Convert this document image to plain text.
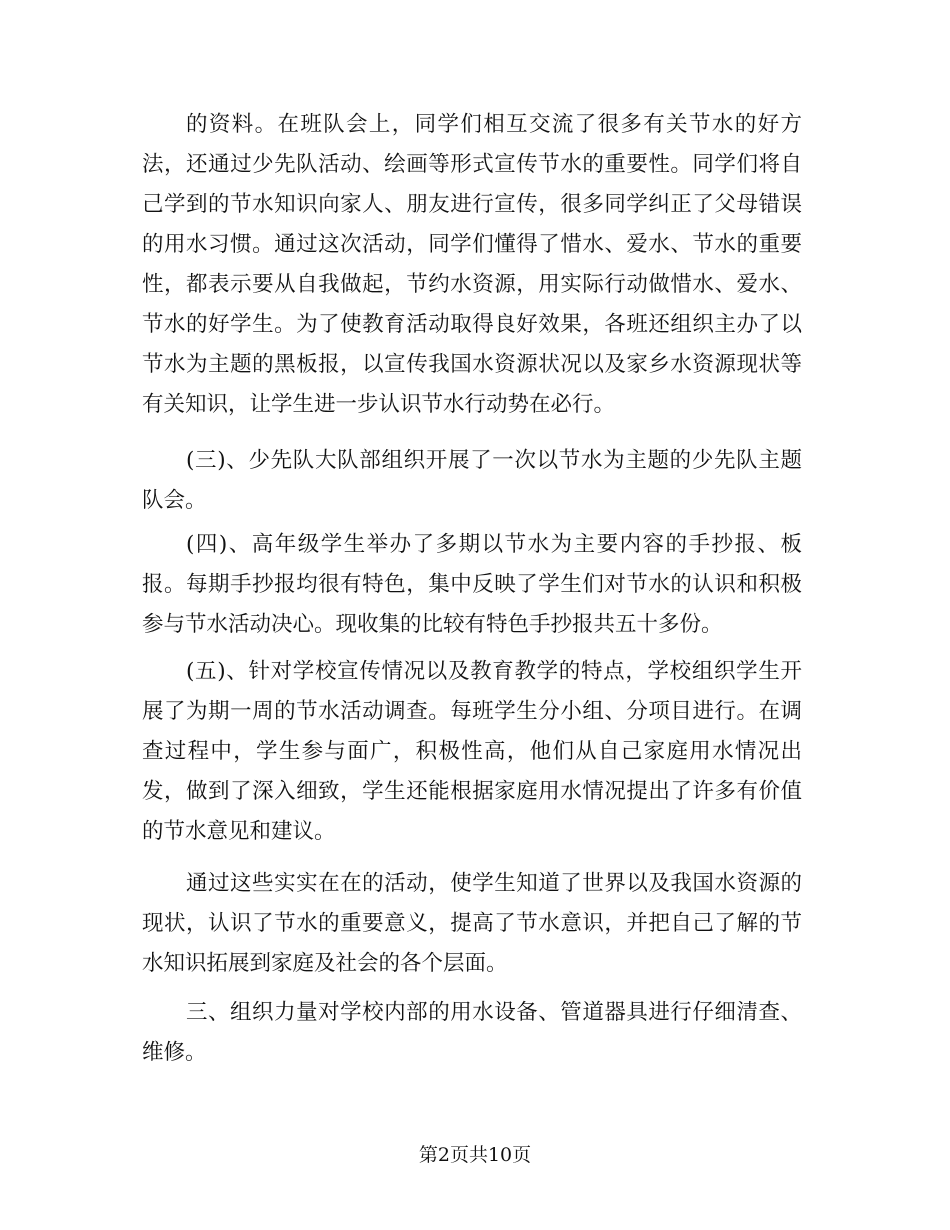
的资料。在班队会上，同学们相互交流了很多有关节水的好方
法，还通过少先队活动、绘画等形式宣传节水的重要性。同学们将自
己学到的节水知识向家人、朋友进行宣传，很多同学纠正了父母错误
的用水习惯。通过这次活动，同学们懂得了惜水、爱水、节水的重要
性，都表示要从自我做起，节约水资源，用实际行动做惜水、爱水、
节水的好学生。为了使教育活动取得良好效果，各班还组织主办了以
节水为主题的黑板报，以宣传我国水资源状况以及家乡水资源现状等
有关知识，让学生进一步认识节水行动势在必行。
(三)、少先队大队部组织开展了一次以节水为主题的少先队主题
队会。
(四)、高年级学生举办了多期以节水为主要内容的手抄报、板
报。每期手抄报均很有特色，集中反映了学生们对节水的认识和积极
参与节水活动决心。现收集的比较有特色手抄报共五十多份。
(五)、针对学校宣传情况以及教育教学的特点，学校组织学生开
展了为期一周的节水活动调查。每班学生分小组、分项目进行。在调
查过程中，学生参与面广，积极性高，他们从自己家庭用水情况出
发，做到了深入细致，学生还能根据家庭用水情况提出了许多有价值
的节水意见和建议。
通过这些实实在在的活动，使学生知道了世界以及我国水资源的
现状，认识了节水的重要意义，提高了节水意识，并把自己了解的节
水知识拓展到家庭及社会的各个层面。
三、组织力量对学校内部的用水设备、管道器具进行仔细清查、
维修。
第2页共10页
